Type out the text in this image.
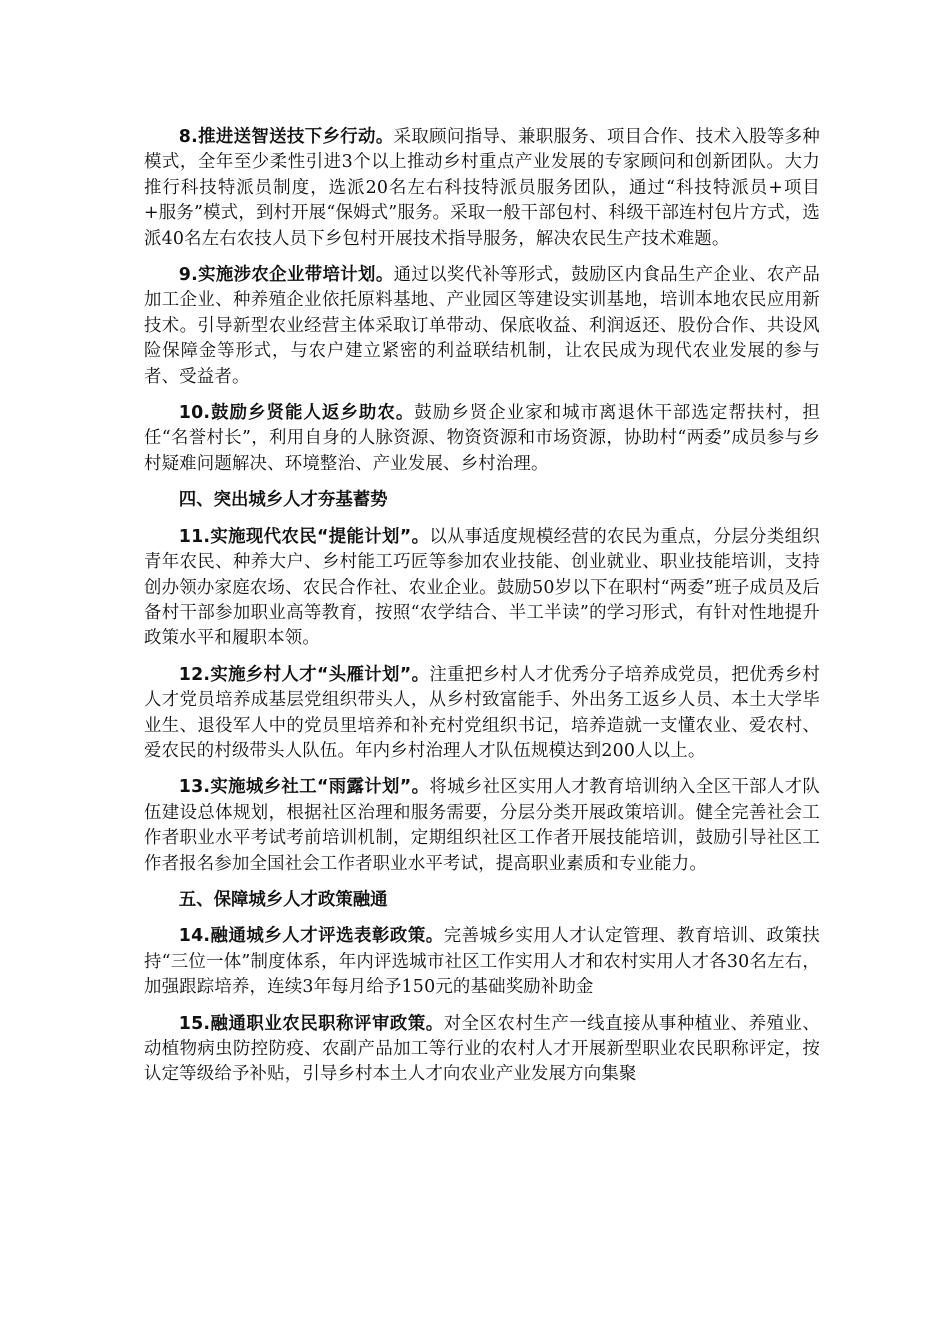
8.推进送智送技下乡行动。采取顾问指导、兼职服务、项目合作、技术入股等多种模式，全年至少柔性引进3个以上推动乡村重点产业发展的专家顾问和创新团队。大力推行科技特派员制度，选派20名左右科技特派员服务团队，通过“科技特派员+项目+服务”模式，到村开展“保姆式”服务。采取一般干部包村、科级干部连村包片方式，选派40名左右农技人员下乡包村开展技术指导服务，解决农民生产技术难题。

9.实施涉农企业带培计划。通过以奖代补等形式，鼓励区内食品生产企业、农产品加工企业、种养殖企业依托原料基地、产业园区等建设实训基地，培训本地农民应用新技术。引导新型农业经营主体采取订单带动、保底收益、利润返还、股份合作、共设风险保障金等形式，与农户建立紧密的利益联结机制，让农民成为现代农业发展的参与者、受益者。

10.鼓励乡贤能人返乡助农。鼓励乡贤企业家和城市离退休干部选定帮扶村，担任“名誉村长”，利用自身的人脉资源、物资资源和市场资源，协助村“两委”成员参与乡村疑难问题解决、环境整治、产业发展、乡村治理。

四、突出城乡人才夯基蓄势

11.实施现代农民“提能计划”。以从事适度规模经营的农民为重点，分层分类组织青年农民、种养大户、乡村能工巧匠等参加农业技能、创业就业、职业技能培训，支持创办领办家庭农场、农民合作社、农业企业。鼓励50岁以下在职村“两委”班子成员及后备村干部参加职业高等教育，按照“农学结合、半工半读”的学习形式，有针对性地提升政策水平和履职本领。

12.实施乡村人才“头雁计划”。注重把乡村人才优秀分子培养成党员，把优秀乡村人才党员培养成基层党组织带头人，从乡村致富能手、外出务工返乡人员、本土大学毕业生、退役军人中的党员里培养和补充村党组织书记，培养造就一支懂农业、爱农村、爱农民的村级带头人队伍。年内乡村治理人才队伍规模达到200人以上。

13.实施城乡社工“雨露计划”。将城乡社区实用人才教育培训纳入全区干部人才队伍建设总体规划，根据社区治理和服务需要，分层分类开展政策培训。健全完善社会工作者职业水平考试考前培训机制，定期组织社区工作者开展技能培训，鼓励引导社区工作者报名参加全国社会工作者职业水平考试，提高职业素质和专业能力。

五、保障城乡人才政策融通

14.融通城乡人才评选表彰政策。完善城乡实用人才认定管理、教育培训、政策扶持“三位一体”制度体系，年内评选城市社区工作实用人才和农村实用人才各30名左右，加强跟踪培养，连续3年每月给予150元的基础奖励补助金

15.融通职业农民职称评审政策。对全区农村生产一线直接从事种植业、养殖业、动植物病虫防控防疫、农副产品加工等行业的农村人才开展新型职业农民职称评定，按认定等级给予补贴，引导乡村本土人才向农业产业发展方向集聚
